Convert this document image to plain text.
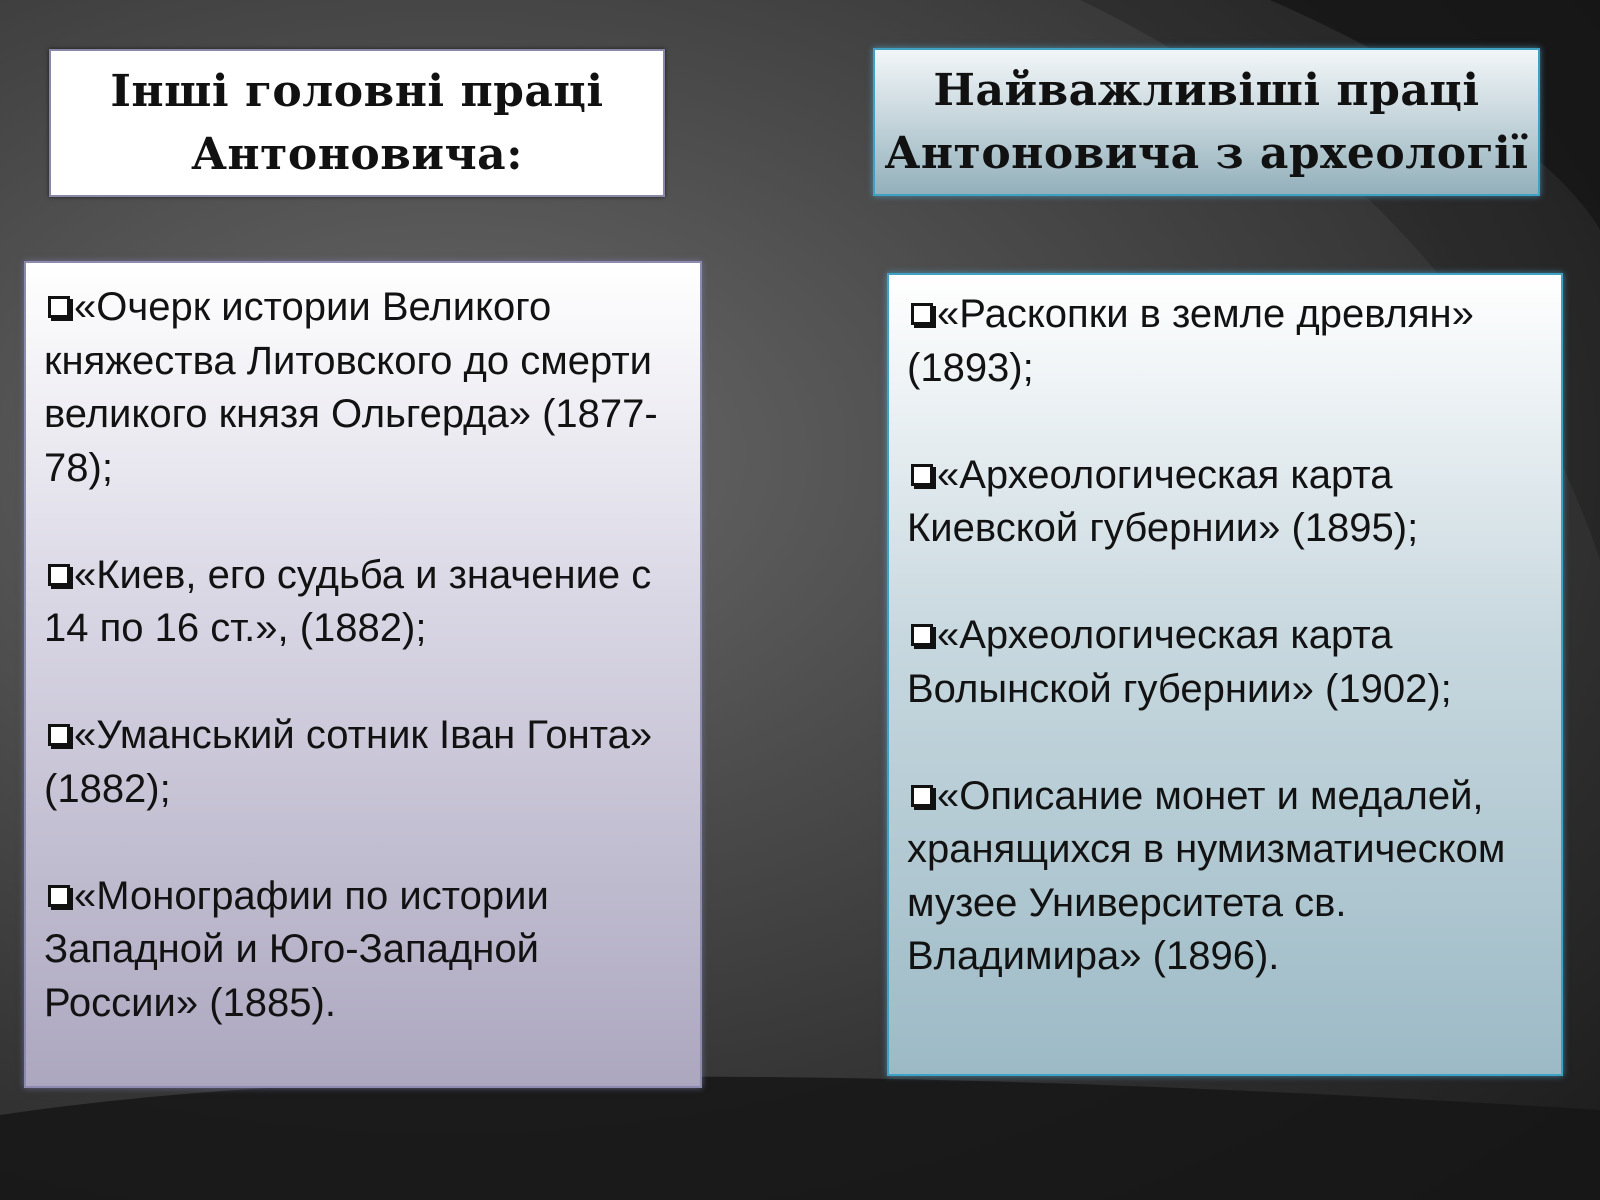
Інші головні праці
Антоновича:
Найважливіші праці
Антоновича з археології
«Очерк истории Великого княжества Литовского до смерти великого князя Ольгерда» (1877-78);
«Киев, его судьба и значение с 14 по 16 ст.», (1882);
«Уманський сотник Іван Гонта» (1882);
«Монографии по истории Западной и Юго-Западной России» (1885).
«Раскопки в земле древлян» (1893);
«Археологическая карта Киевской губернии» (1895);
«Археологическая карта Волынской губернии» (1902);
«Описание монет и медалей, хранящихся в нумизматическом музее Университета св. Владимира» (1896).
